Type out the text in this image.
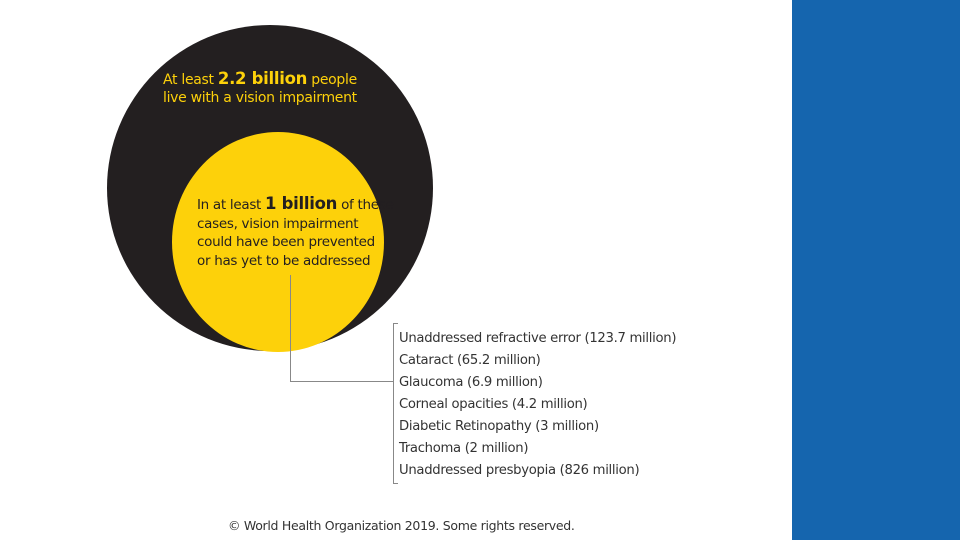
At least 2.2 billion people
live with a vision impairment
In at least 1 billion of these
cases, vision impairment
could have been prevented
or has yet to be addressed
Unaddressed refractive error (123.7 million)
Cataract (65.2 million)
Glaucoma (6.9 million)
Corneal opacities (4.2 million)
Diabetic Retinopathy (3 million)
Trachoma (2 million)
Unaddressed presbyopia (826 million)
© World Health Organization 2019. Some rights reserved.
